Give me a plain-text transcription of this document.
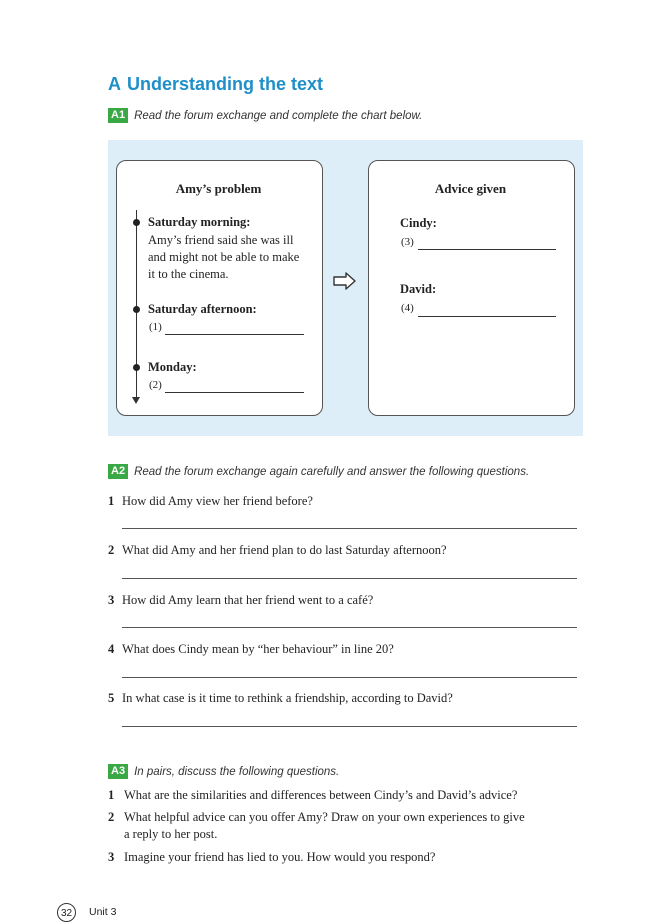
A Understanding the text
A1 Read the forum exchange and complete the chart below.
Amy’s problem
Saturday morning:
Amy’s friend said she was ill and might not be able to make it to the cinema.
Saturday afternoon:
(1)
Monday:
(2)
Advice given
Cindy:
(3)
David:
(4)
A2 Read the forum exchange again carefully and answer the following questions.
1 How did Amy view her friend before?
2 What did Amy and her friend plan to do last Saturday afternoon?
3 How did Amy learn that her friend went to a café?
4 What does Cindy mean by “her behaviour” in line 20?
5 In what case is it time to rethink a friendship, according to David?
A3 In pairs, discuss the following questions.
1 What are the similarities and differences between Cindy’s and David’s advice?
2 What helpful advice can you offer Amy? Draw on your own experiences to give
a reply to her post.
3 Imagine your friend has lied to you. How would you respond?
32	Unit 3
